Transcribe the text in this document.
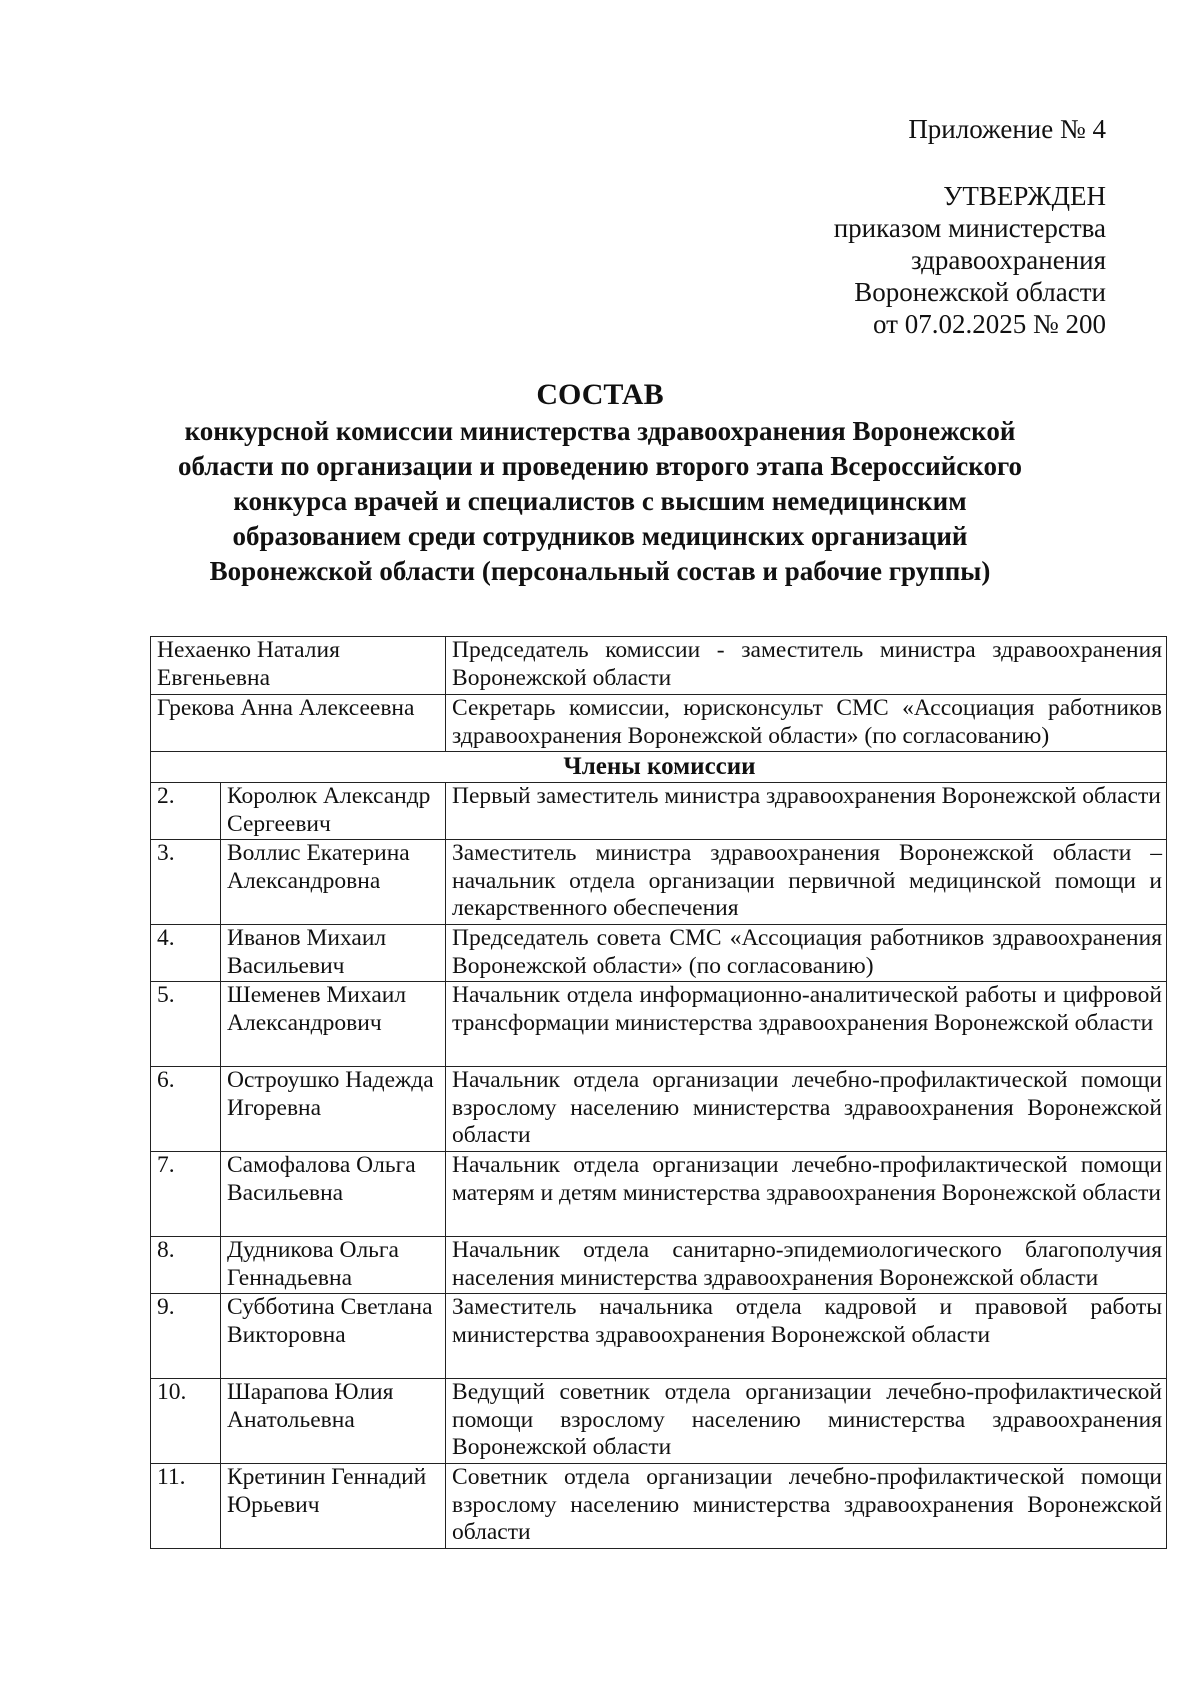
Приложение № 4
УТВЕРЖДЕН
приказом министерства
здравоохранения
Воронежской области
от 07.02.2025 № 200
СОСТАВ
конкурсной комиссии министерства здравоохранения Воронежской
области по организации и проведению второго этапа Всероссийского
конкурса врачей и специалистов с высшим немедицинским
образованием среди сотрудников медицинских организаций
Воронежской области (персональный состав и рабочие группы)
Нехаенко Наталия Евгеньевна		Председатель комиссии - заместитель министра здравоохранения Воронежской области
Грекова Анна Алексеевна		Секретарь комиссии, юрисконсульт СМС «Ассоциация работников здравоохранения Воронежской области» (по согласованию)
Члены комиссии		
2.	Королюк Александр Сергеевич	Первый заместитель министра здравоохранения Воронежской области
3.	Воллис Екатерина Александровна	Заместитель министра здравоохранения Воронежской области – начальник отдела организации первичной медицинской помощи и лекарственного обеспечения
4.	Иванов Михаил Васильевич	Председатель совета СМС «Ассоциация работников здравоохранения Воронежской области» (по согласованию)
5.	Шеменев Михаил Александрович	Начальник отдела информационно-аналитической работы и цифровой трансформации министерства здравоохранения Воронежской области
6.	Остроушко Надежда Игоревна	Начальник отдела организации лечебно-профилактической помощи взрослому населению министерства здравоохранения Воронежской области
7.	Самофалова Ольга Васильевна	Начальник отдела организации лечебно-профилактической помощи матерям и детям министерства здравоохранения Воронежской области
8.	Дудникова Ольга Геннадьевна	Начальник отдела санитарно-эпидемиологического благополучия населения министерства здравоохранения Воронежской области
9.	Субботина Светлана Викторовна	Заместитель начальника отдела кадровой и правовой работы министерства здравоохранения Воронежской области
10.	Шарапова Юлия Анатольевна	Ведущий советник отдела организации лечебно-профилактической помощи взрослому населению министерства здравоохранения Воронежской области
11.	Кретинин Геннадий Юрьевич	Советник отдела организации лечебно-профилактической помощи взрослому населению министерства здравоохранения Воронежской области
